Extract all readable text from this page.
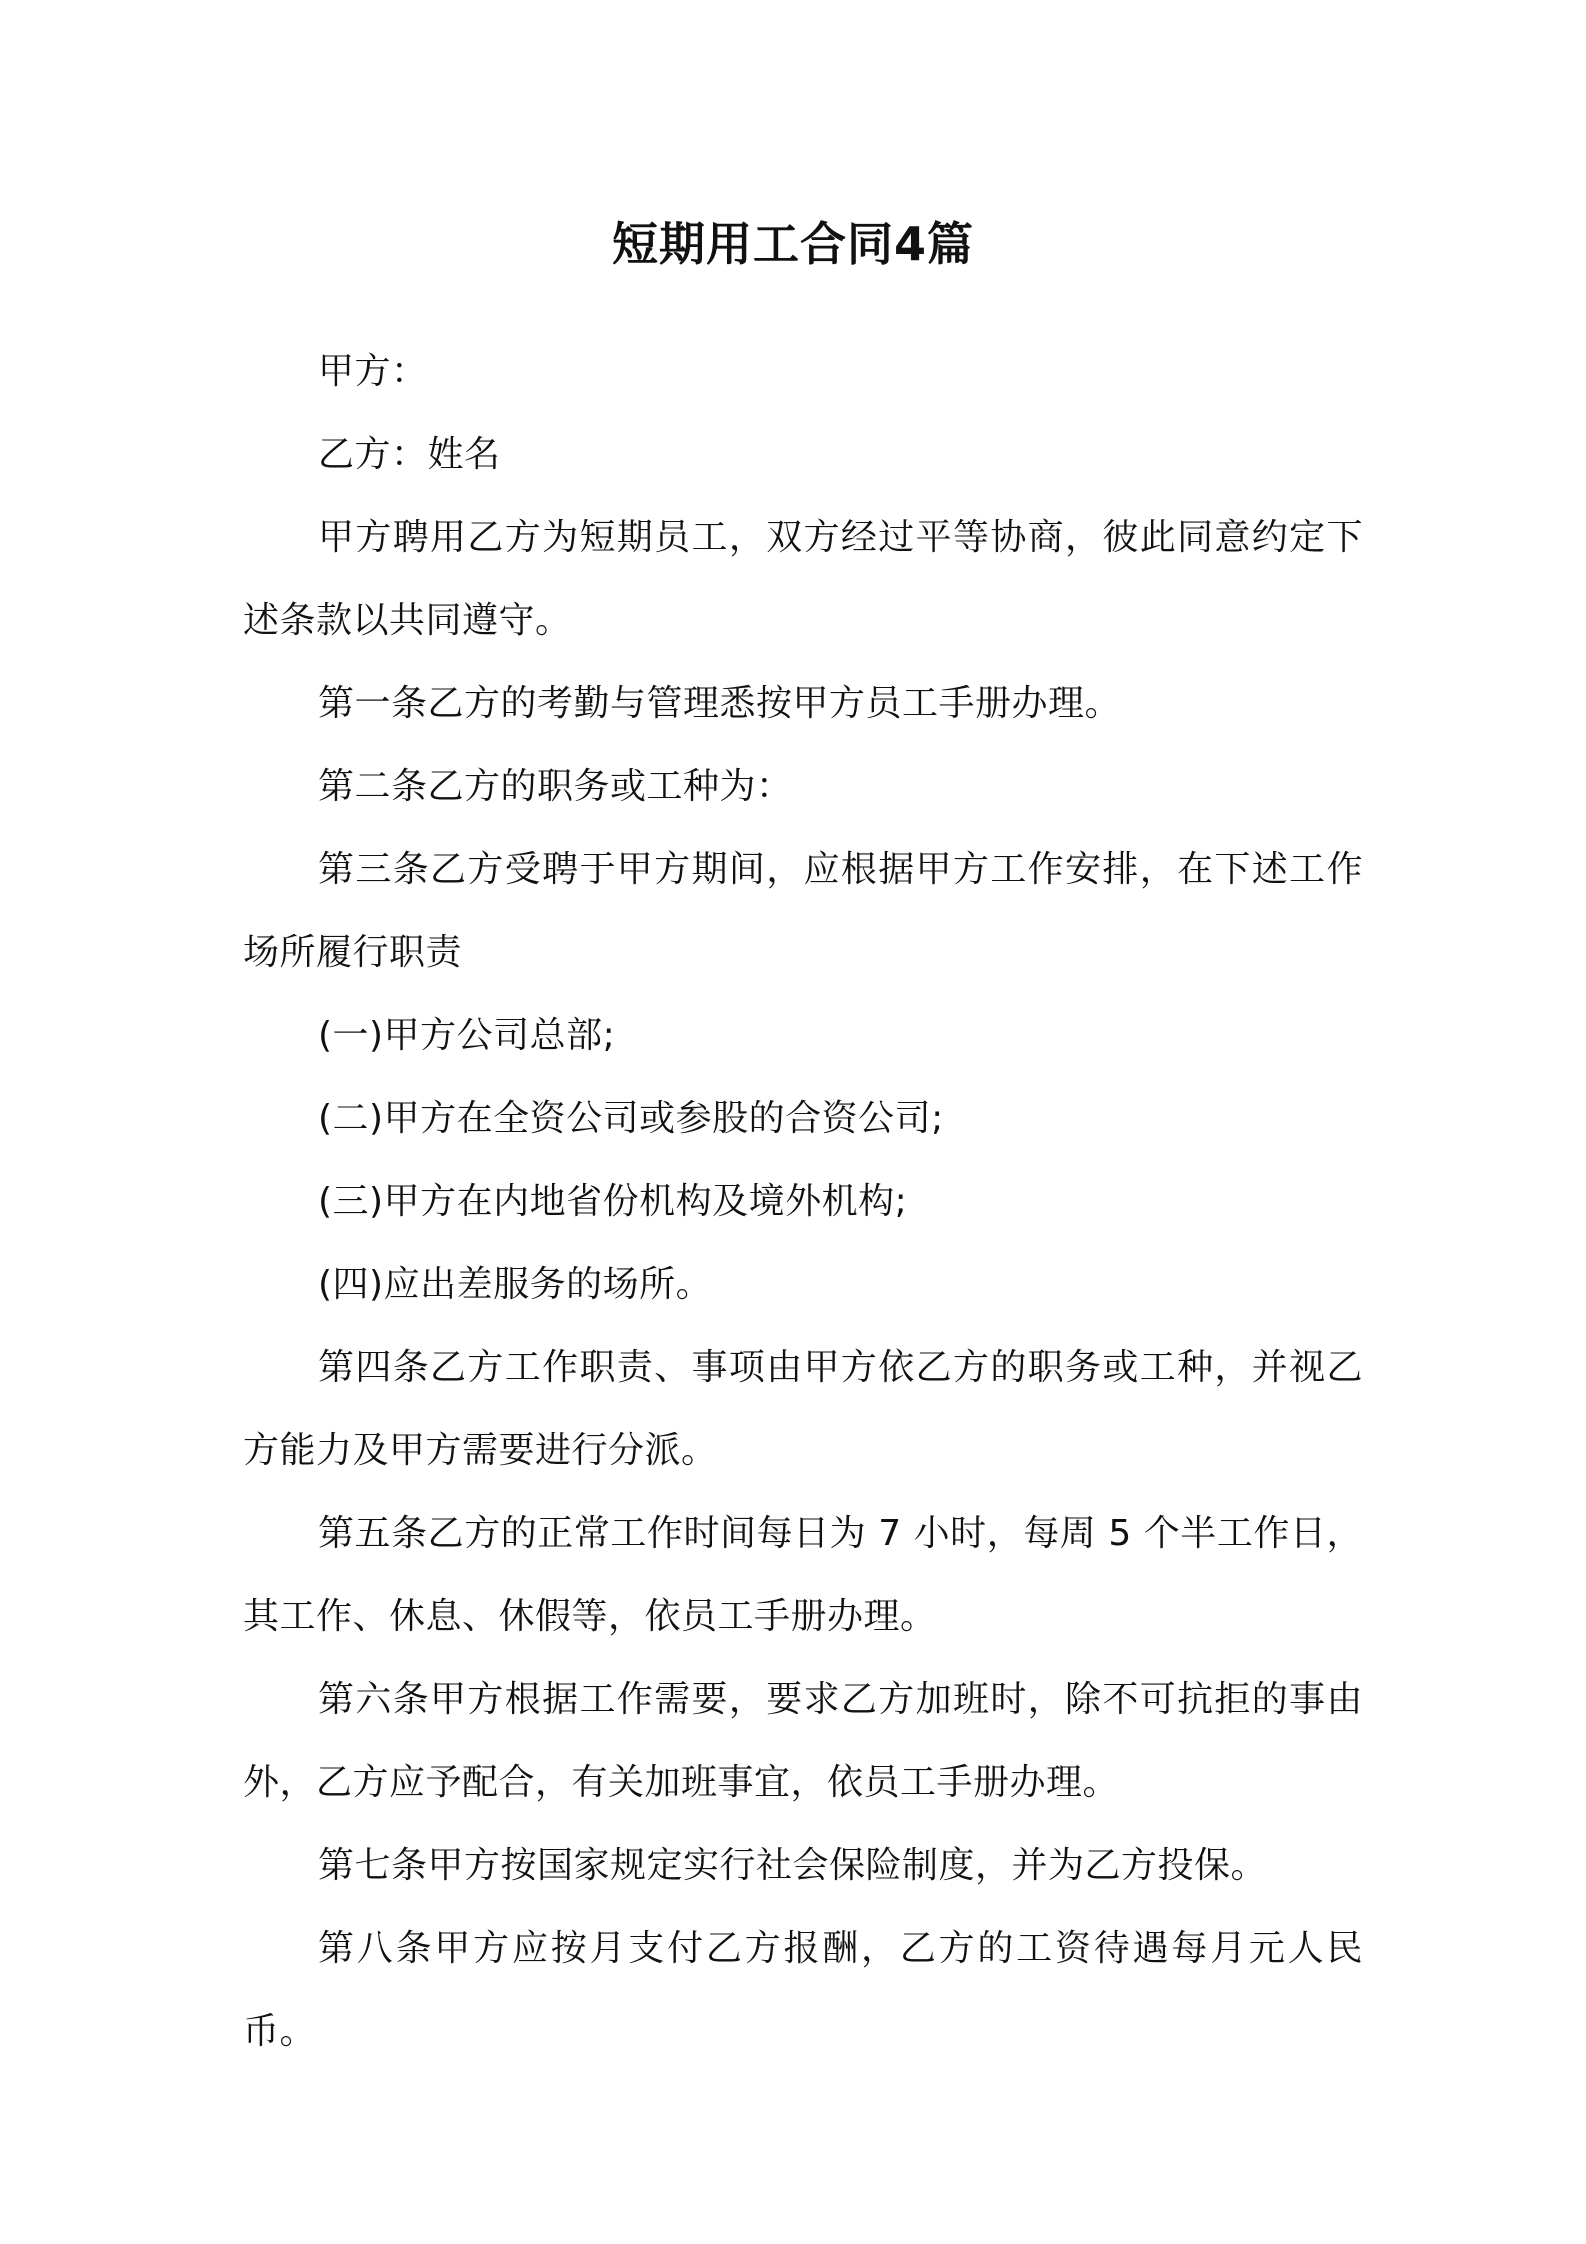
短期用工合同4篇

甲方：

乙方：姓名

甲方聘用乙方为短期员工，双方经过平等协商，彼此同意约定下述条款以共同遵守。

第一条乙方的考勤与管理悉按甲方员工手册办理。

第二条乙方的职务或工种为：

第三条乙方受聘于甲方期间，应根据甲方工作安排，在下述工作场所履行职责

(一)甲方公司总部;

(二)甲方在全资公司或参股的合资公司;

(三)甲方在内地省份机构及境外机构;

(四)应出差服务的场所。

第四条乙方工作职责、事项由甲方依乙方的职务或工种，并视乙方能力及甲方需要进行分派。

第五条乙方的正常工作时间每日为 7 小时，每周 5 个半工作日，其工作、休息、休假等，依员工手册办理。

第六条甲方根据工作需要，要求乙方加班时，除不可抗拒的事由外，乙方应予配合，有关加班事宜，依员工手册办理。

第七条甲方按国家规定实行社会保险制度，并为乙方投保。

第八条甲方应按月支付乙方报酬，乙方的工资待遇每月元人民币。
